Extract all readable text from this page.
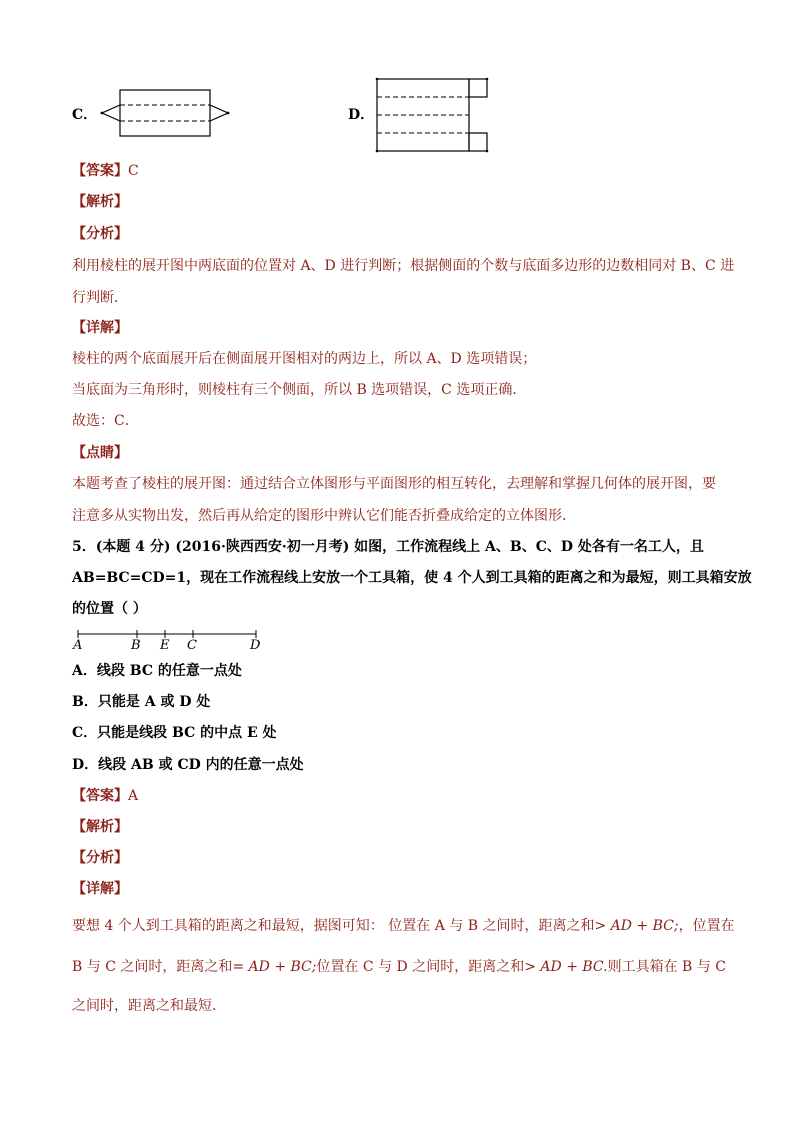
C．	D．
【答案】C
【解析】
【分析】
利用棱柱的展开图中两底面的位置对 A、D 进行判断；根据侧面的个数与底面多边形的边数相同对 B、C 进
行判断．
【详解】
棱柱的两个底面展开后在侧面展开图相对的两边上，所以 A、D 选项错误；
当底面为三角形时，则棱柱有三个侧面，所以 B 选项错误，C 选项正确．
故选：C．
【点睛】
本题考查了棱柱的展开图：通过结合立体图形与平面图形的相互转化，去理解和掌握几何体的展开图，要
注意多从实物出发，然后再从给定的图形中辨认它们能否折叠成给定的立体图形．
5．(本题 4 分) (2016·陕西西安·初一月考) 如图，工作流程线上 A、B、C、D 处各有一名工人，且
AB=BC=CD=1，现在工作流程线上安放一个工具箱，使 4 个人到工具箱的距离之和为最短，则工具箱安放
的位置（ ）
A	B E C	D
A．线段 BC 的任意一点处
B．只能是 A 或 D 处
C．只能是线段 BC 的中点 E 处
D．线段 AB 或 CD 内的任意一点处
【答案】A
【解析】
【分析】
【详解】
要想 4 个人到工具箱的距离之和最短，据图可知： 位置在 A 与 B 之间时，距离之和> AD + BC;，位置在
B 与 C 之间时，距离之和= AD + BC;位置在 C 与 D 之间时，距离之和> AD + BC.则工具箱在 B 与 C
之间时，距离之和最短．
